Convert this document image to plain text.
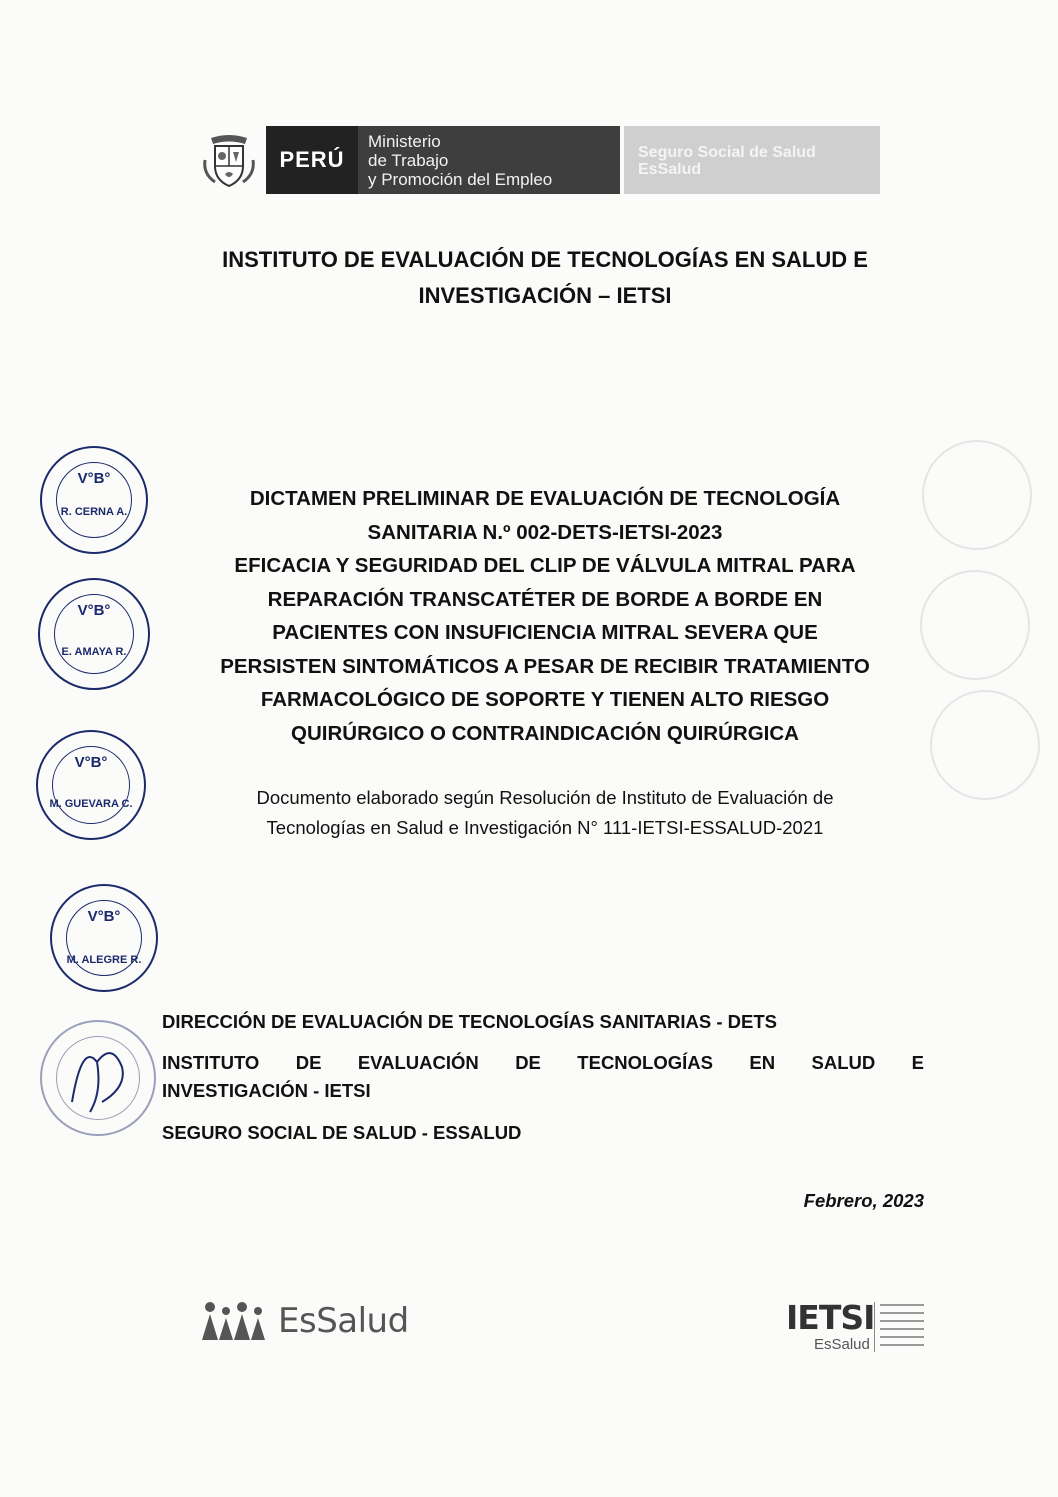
PERÚ
Ministerio
de Trabajo
y Promoción del Empleo
Seguro Social de Salud
EsSalud
INSTITUTO DE EVALUACIÓN DE TECNOLOGÍAS EN SALUD E
INVESTIGACIÓN – IETSI
DICTAMEN PRELIMINAR DE EVALUACIÓN DE TECNOLOGÍA
SANITARIA N.º 002-DETS-IETSI-2023
EFICACIA Y SEGURIDAD DEL CLIP DE VÁLVULA MITRAL PARA
REPARACIÓN TRANSCATÉTER DE BORDE A BORDE EN
PACIENTES CON INSUFICIENCIA MITRAL SEVERA QUE
PERSISTEN SINTOMÁTICOS A PESAR DE RECIBIR TRATAMIENTO
FARMACOLÓGICO DE SOPORTE Y TIENEN ALTO RIESGO
QUIRÚRGICO O CONTRAINDICACIÓN QUIRÚRGICA
Documento elaborado según Resolución de Instituto de Evaluación de
Tecnologías en Salud e Investigación N° 111-IETSI-ESSALUD-2021

DIRECCIÓN DE EVALUACIÓN DE TECNOLOGÍAS SANITARIAS - DETS

INSTITUTO DE EVALUACIÓN DE TECNOLOGÍAS EN SALUD E

INVESTIGACIÓN - IETSI

SEGURO SOCIAL DE SALUD - ESSALUD

Febrero, 2023
V°B°
R. CERNA A.
V°B°
E. AMAYA R.
V°B°
M. GUEVARA C.
V°B°
M. ALEGRE R.
EsSalud	IETSI
EsSalud
